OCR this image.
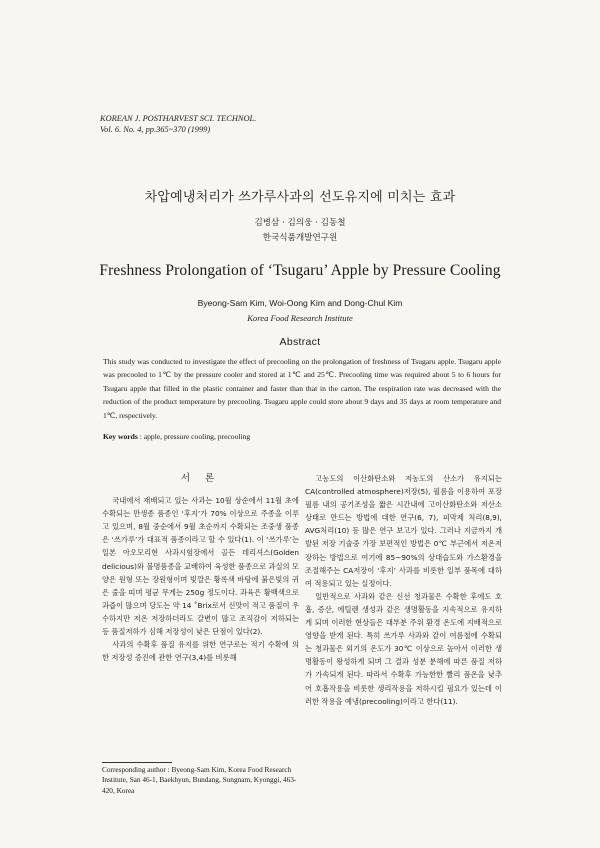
KOREAN J. POSTHARVEST SCI. TECHNOL.
Vol. 6. No. 4, pp.365~370 (1999)
차압예냉처리가 쓰가루사과의 선도유지에 미치는 효과
김병삼 · 김의웅 · 김동철
한국식품개발연구원
Freshness Prolongation of ‘Tsugaru’ Apple by Pressure Cooling
Byeong-Sam Kim, Woi-Oong Kim and Dong-Chul Kim
Korea Food Research Institute
Abstract
This study was conducted to investigate the effect of precooling on the prolongation of freshness of Tsugaru apple. Tsugaru apple was precooled to 1℃ by the pressure cooler and stored at 1℃ and 25℃. Precooling time was required about 5 to 6 hours for Tsugaru apple that filled in the plastic container and faster than that in the carton. The respiration rate was decreased with the reduction of the product temperature by precooling. Tsugaru apple could store about 9 days and 35 days at room temperature and 1℃, respectively.
Key words : apple, pressure cooling, precooling
서 론

국내에서 재배되고 있는 사과는 10월 상순에서 11월 초에 수확되는 만생종 품종인 ‘후지’가 70% 이상으로 주종을 이루고 있으며, 8월 중순에서 9월 초순까지 수확되는 조중생 품종은 ‘쓰가루’가 대표적 품종이라고 할 수 있다(1). 이 ‘쓰가루’는 일본 아오모리현 사과시험장에서 골든 데리셔스(Golden delicious)와 불명품종을 교배하여 육성한 품종으로 과실의 모양은 원형 또는 장원형이며 빛깔은 황록색 바탕에 붉은빛의 귀은 줄을 띠며 평균 무게는 250g 정도이다. 과육은 황백색으로 과즙이 많으며 당도는 약 14 ˚Brix로서 신맛이 적고 품질이 우수하지만 저온 저장하더라도 갈변이 많고 조직감이 저하되는등 품질저하가 심해 저장성이 낮은 단점이 있다(2).

사과의 수확후 품질 유지를 위한 연구로는 적기 수확에 의한 저장성 증진에 관한 연구(3,4)를 비롯해

Corresponding author : Byeong-Sam Kim, Korea Food Research Institute, San 46-1, Baekhyun, Bundang, Sungnam, Kyonggi, 463-420, Korea

고농도의 이산화탄소와 저농도의 산소가 유지되는 CA(controlled atmosphere)저장(5), 필름을 이용하여 포장필름 내의 공기조성을 짧은 시간내에 고이산화탄소와 저산소 상태로 만드는 방법에 대한 연구(6, 7), 피막제 처리(8,9), AVG처리(10) 등 많은 연구 보고가 있다. 그러나 지금까지 개발된 저장 기술중 가장 보편적인 방법은 0℃ 부근에서 저온저장하는 방법으로 여기에 85~90%의 상대습도와 가스환경을 조절해주는 CA저장이 ‘후지’ 사과를 비롯한 일부 품목에 대하여 적용되고 있는 실정이다.

일반적으로 사과와 같은 신선 청과물은 수확한 후에도 호흡, 증산, 에틸렌 생성과 같은 생명활동을 지속적으로 유지하게 되며 이러한 현상들은 대부분 주위 환경 온도에 지배적으로 영향을 받게 된다. 특히 쓰가루 사과와 같이 여름철에 수확되는 청과물은 외기의 온도가 30℃ 이상으로 높아서 이러한 생명활동이 왕성하게 되며 그 결과 성분 분해에 따른 품질 저하가 가속되게 된다. 따라서 수확후 가능한한 빨리 품온을 낮추어 호흡작용을 비롯한 생리작용을 저하시킬 필요가 있는데 이러한 작용을 예냉(precooling)이라고 한다(11).
